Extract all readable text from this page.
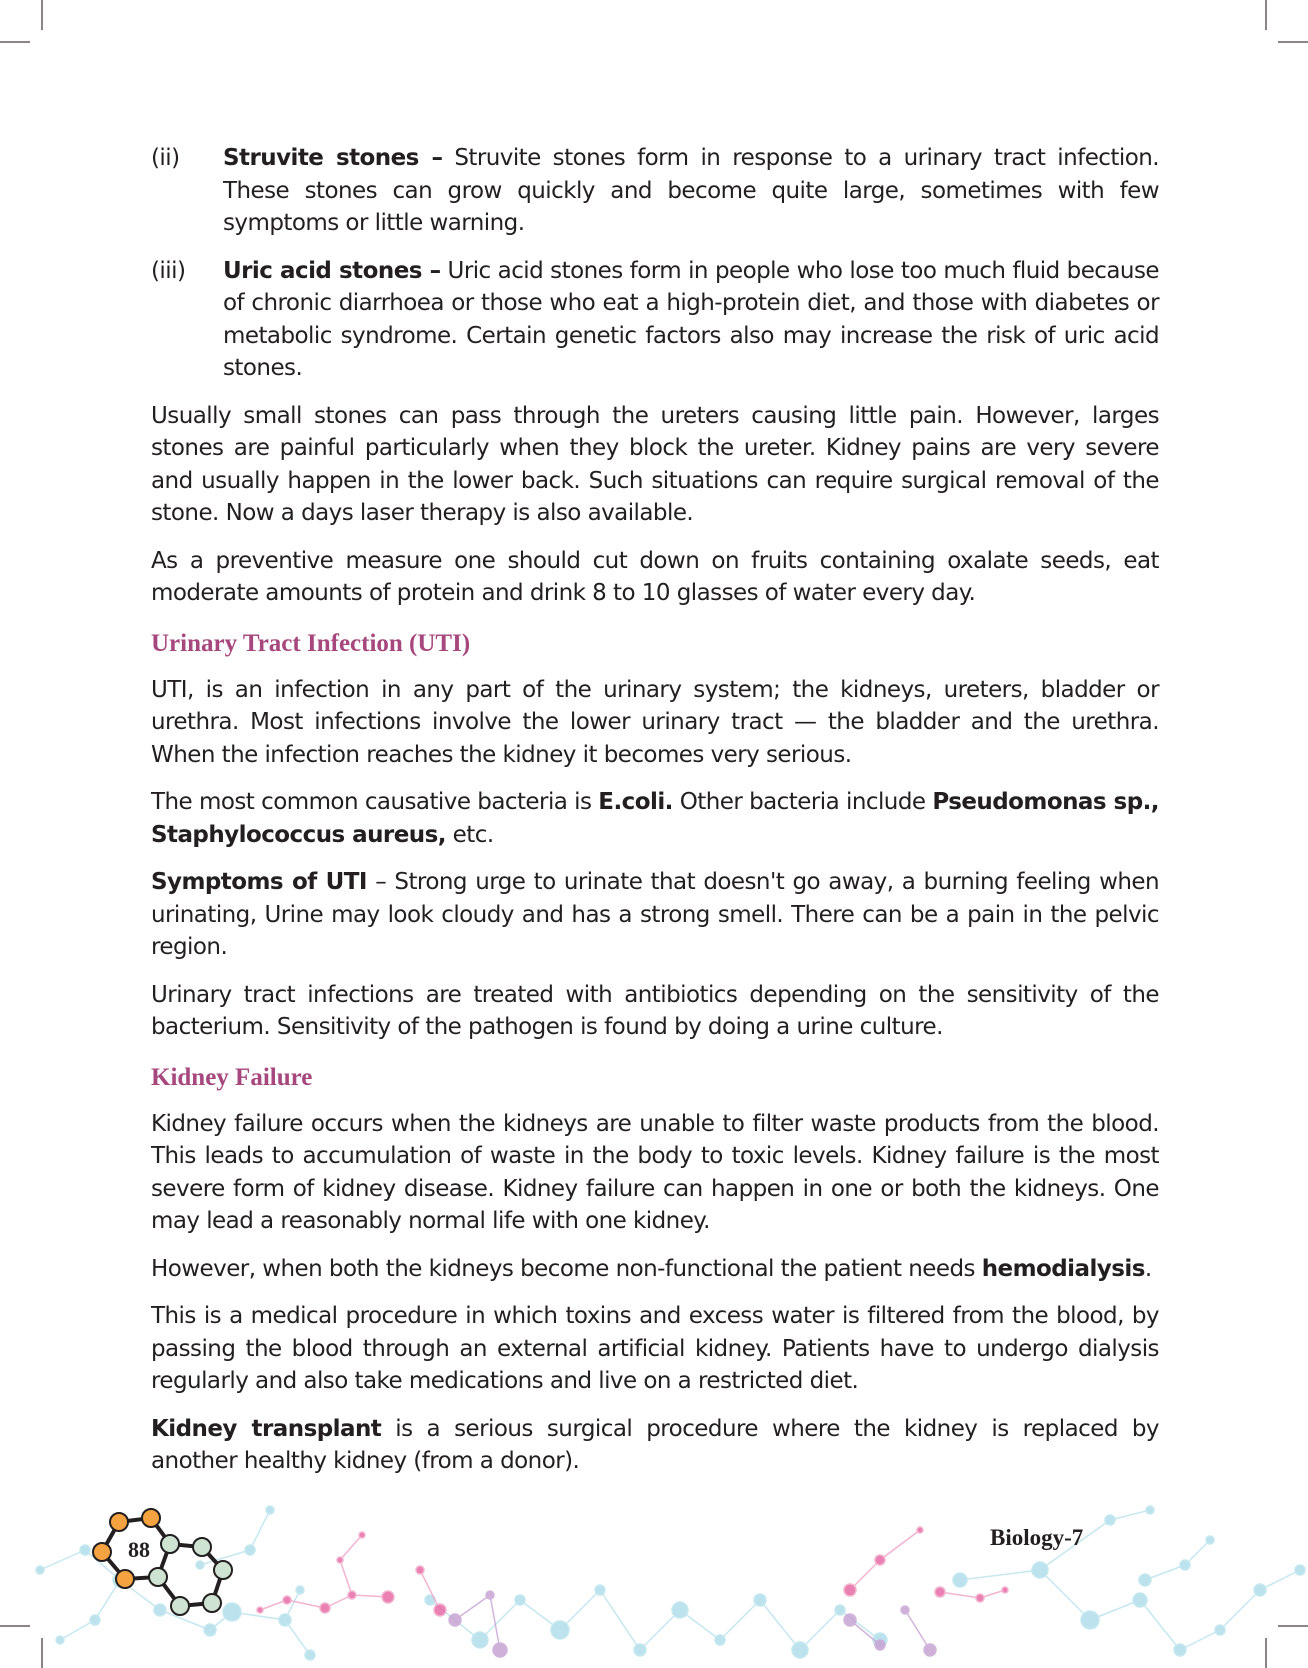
(ii)	Struvite stones – Struvite stones form in response to a urinary tract infection. These stones can grow quickly and become quite large, sometimes with few symptoms or little warning.
(iii)	Uric acid stones – Uric acid stones form in people who lose too much fluid because of chronic diarrhoea or those who eat a high-protein diet, and those with diabetes or metabolic syndrome. Certain genetic factors also may increase the risk of uric acid stones.

Usually small stones can pass through the ureters causing little pain. However, larges stones are painful particularly when they block the ureter. Kidney pains are very severe and usually happen in the lower back. Such situations can require surgical removal of the stone. Now a days laser therapy is also available.

As a preventive measure one should cut down on fruits containing oxalate seeds, eat moderate amounts of protein and drink 8 to 10 glasses of water every day.

Urinary Tract Infection (UTI)

UTI, is an infection in any part of the urinary system; the kidneys, ureters, bladder or urethra. Most infections involve the lower urinary tract — the bladder and the urethra. When the infection reaches the kidney it becomes very serious.

The most common causative bacteria is E.coli. Other bacteria include Pseudomonas sp., Staphylococcus aureus, etc.

Symptoms of UTI – Strong urge to urinate that doesn't go away, a burning feeling when urinating, Urine may look cloudy and has a strong smell. There can be a pain in the pelvic region.

Urinary tract infections are treated with antibiotics depending on the sensitivity of the bacterium. Sensitivity of the pathogen is found by doing a urine culture.

Kidney Failure

Kidney failure occurs when the kidneys are unable to filter waste products from the blood. This leads to accumulation of waste in the body to toxic levels. Kidney failure is the most severe form of kidney disease. Kidney failure can happen in one or both the kidneys. One may lead a reasonably normal life with one kidney.

However, when both the kidneys become non-functional the patient needs hemodialysis.

This is a medical procedure in which toxins and excess water is filtered from the blood, by passing the blood through an external artificial kidney. Patients have to undergo dialysis regularly and also take medications and live on a restricted diet.

Kidney transplant is a serious surgical procedure where the kidney is replaced by another healthy kidney (from a donor).

88	Biology-7
